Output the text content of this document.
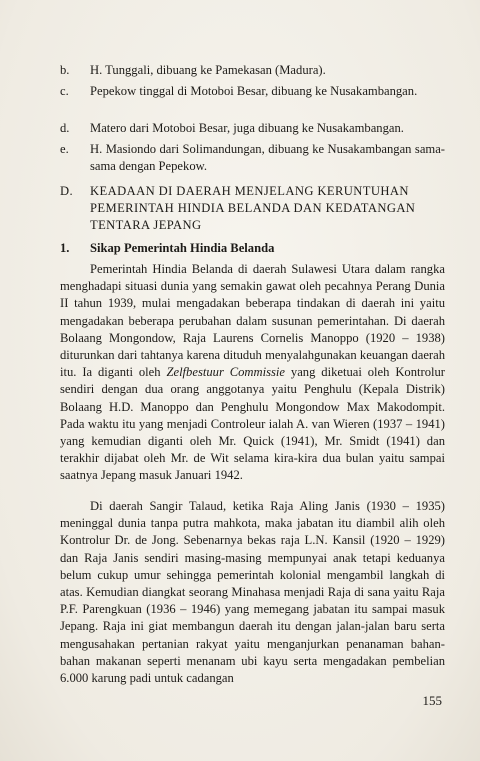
b. H. Tunggali, dibuang ke Pamekasan (Madura).
c. Pepekow tinggal di Motoboi Besar, dibuang ke Nusakambangan.
d. Matero dari Motoboi Besar, juga dibuang ke Nusakambangan.
e. H. Masiondo dari Solimandungan, dibuang ke Nusakambangan sama-sama dengan Pepekow.
D. KEADAAN DI DAERAH MENJELANG KERUNTUHAN PEMERINTAH HINDIA BELANDA DAN KEDATANGAN TENTARA JEPANG
1. Sikap Pemerintah Hindia Belanda
Pemerintah Hindia Belanda di daerah Sulawesi Utara dalam rangka menghadapi situasi dunia yang semakin gawat oleh pecahnya Perang Dunia II tahun 1939, mulai mengadakan beberapa tindakan di daerah ini yaitu mengadakan beberapa perubahan dalam susunan pemerintahan. Di daerah Bolaang Mongondow, Raja Laurens Cornelis Manoppo (1920 – 1938) diturunkan dari tahtanya karena dituduh menyalahgunakan keuangan daerah itu. Ia diganti oleh Zelfbestuur Commissie yang diketuai oleh Kontrolur sendiri dengan dua orang anggotanya yaitu Penghulu (Kepala Distrik) Bolaang H.D. Manoppo dan Penghulu Mongondow Max Makodompit. Pada waktu itu yang menjadi Controleur ialah A. van Wieren (1937 – 1941) yang kemudian diganti oleh Mr. Quick (1941), Mr. Smidt (1941) dan terakhir dijabat oleh Mr. de Wit selama kira-kira dua bulan yaitu sampai saatnya Jepang masuk Januari 1942.
Di daerah Sangir Talaud, ketika Raja Aling Janis (1930 – 1935) meninggal dunia tanpa putra mahkota, maka jabatan itu diambil alih oleh Kontrolur Dr. de Jong. Sebenarnya bekas raja L.N. Kansil (1920 – 1929) dan Raja Janis sendiri masing-masing mempunyai anak tetapi keduanya belum cukup umur sehingga pemerintah kolonial mengambil langkah di atas. Kemudian diangkat seorang Minahasa menjadi Raja di sana yaitu Raja P.F. Parengkuan (1936 – 1946) yang memegang jabatan itu sampai masuk Jepang. Raja ini giat membangun daerah itu dengan jalan-jalan baru serta mengusahakan pertanian rakyat yaitu menganjurkan penanaman bahan-bahan makanan seperti menanam ubi kayu serta mengadakan pembelian 6.000 karung padi untuk cadangan
155
